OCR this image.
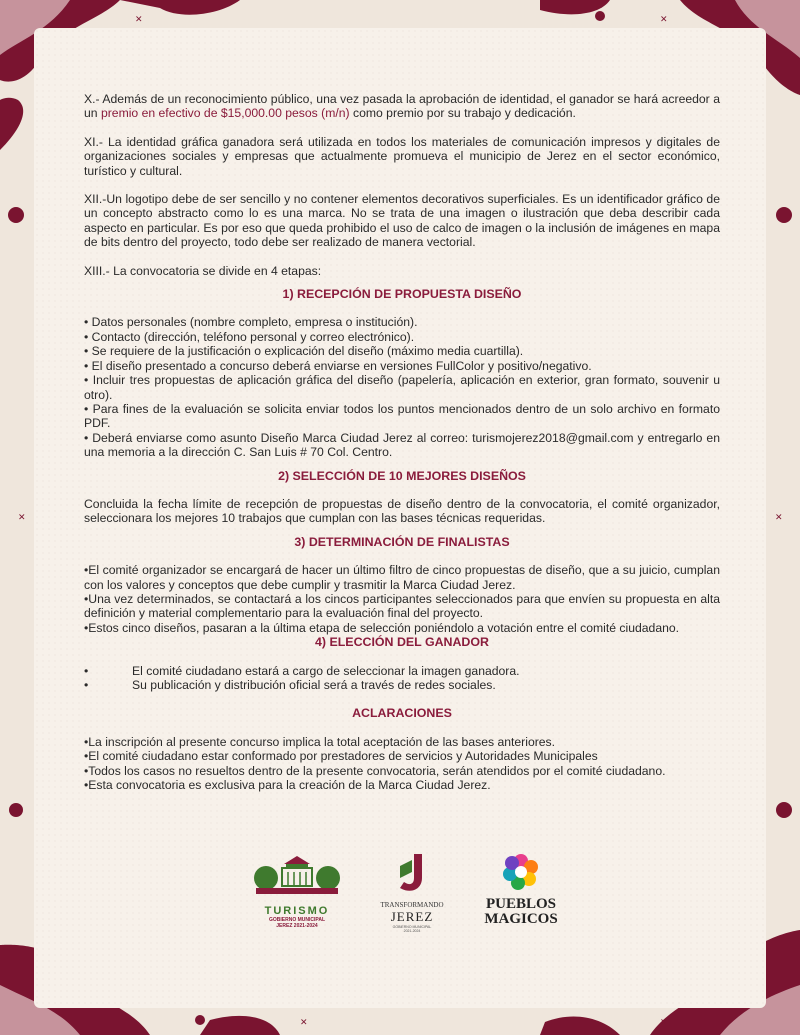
✕	✕
✕	✕
✕	✕

X.- Además de un reconocimiento público, una vez pasada la aprobación de identidad, el ganador se hará acreedor a un premio en efectivo de $15,000.00 pesos (m/n) como premio por su trabajo y dedicación.

XI.- La identidad gráfica ganadora será utilizada en todos los materiales de comunicación impresos y digitales de organizaciones sociales y empresas que actualmente promueva el municipio de Jerez en el sector económico, turístico y cultural.

XII.-Un logotipo debe de ser sencillo y no contener elementos decorativos superficiales. Es un identificador gráfico de un concepto abstracto como lo es una marca. No se trata de una imagen o ilustración que deba describir cada aspecto en particular. Es por eso que queda prohibido el uso de calco de imagen o la inclusión de imágenes en mapa de bits dentro del proyecto, todo debe ser realizado de manera vectorial.

XIII.- La convocatoria se divide en 4 etapas:

1) RECEPCIÓN DE PROPUESTA DISEÑO

• Datos personales (nombre completo, empresa o institución).

• Contacto (dirección, teléfono personal y correo electrónico).

• Se requiere de la justificación o explicación del diseño (máximo media cuartilla).

• El diseño presentado a concurso deberá enviarse en versiones FullColor y positivo/negativo.

• Incluir tres propuestas de aplicación gráfica del diseño (papelería, aplicación en exterior, gran formato, souvenir u otro).

• Para fines de la evaluación se solicita enviar todos los puntos mencionados dentro de un solo archivo en formato PDF.

• Deberá enviarse como asunto Diseño Marca Ciudad Jerez al correo: turismojerez2018@gmail.com y entregarlo en una memoria a la dirección C. San Luis # 70 Col. Centro.

2) SELECCIÓN DE 10 MEJORES DISEÑOS

Concluida la fecha límite de recepción de propuestas de diseño dentro de la convocatoria, el comité organizador, seleccionara los mejores 10 trabajos que cumplan con las bases técnicas requeridas.

3) DETERMINACIÓN DE FINALISTAS

•El comité organizador se encargará de hacer un último filtro de cinco propuestas de diseño, que a su juicio, cumplan con los valores y conceptos que debe cumplir y trasmitir la Marca Ciudad Jerez.

•Una vez determinados, se contactará a los cincos participantes seleccionados para que envíen su propuesta en alta definición y material complementario para la evaluación final del proyecto.

•Estos cinco diseños, pasaran a la última etapa de selección poniéndolo a votación entre el comité ciudadano.

4) ELECCIÓN DEL GANADOR

•	El comité ciudadano estará a cargo de seleccionar la imagen ganadora.
•	Su publicación y distribución oficial será a través de redes sociales.

ACLARACIONES

•La inscripción al presente concurso implica la total aceptación de las bases anteriores.

•El comité ciudadano estar conformado por prestadores de servicios y Autoridades Municipales

•Todos los casos no resueltos dentro de la presente convocatoria, serán atendidos por el comité ciudadano.

•Esta convocatoria es exclusiva para la creación de la Marca Ciudad Jerez.

TURISMO
GOBIERNO MUNICIPAL
JEREZ 2021-2024
TRANSFORMANDO
JEREZ
GOBIERNO MUNICIPAL
2021-2024
PUEBLOS
MAGICOS
